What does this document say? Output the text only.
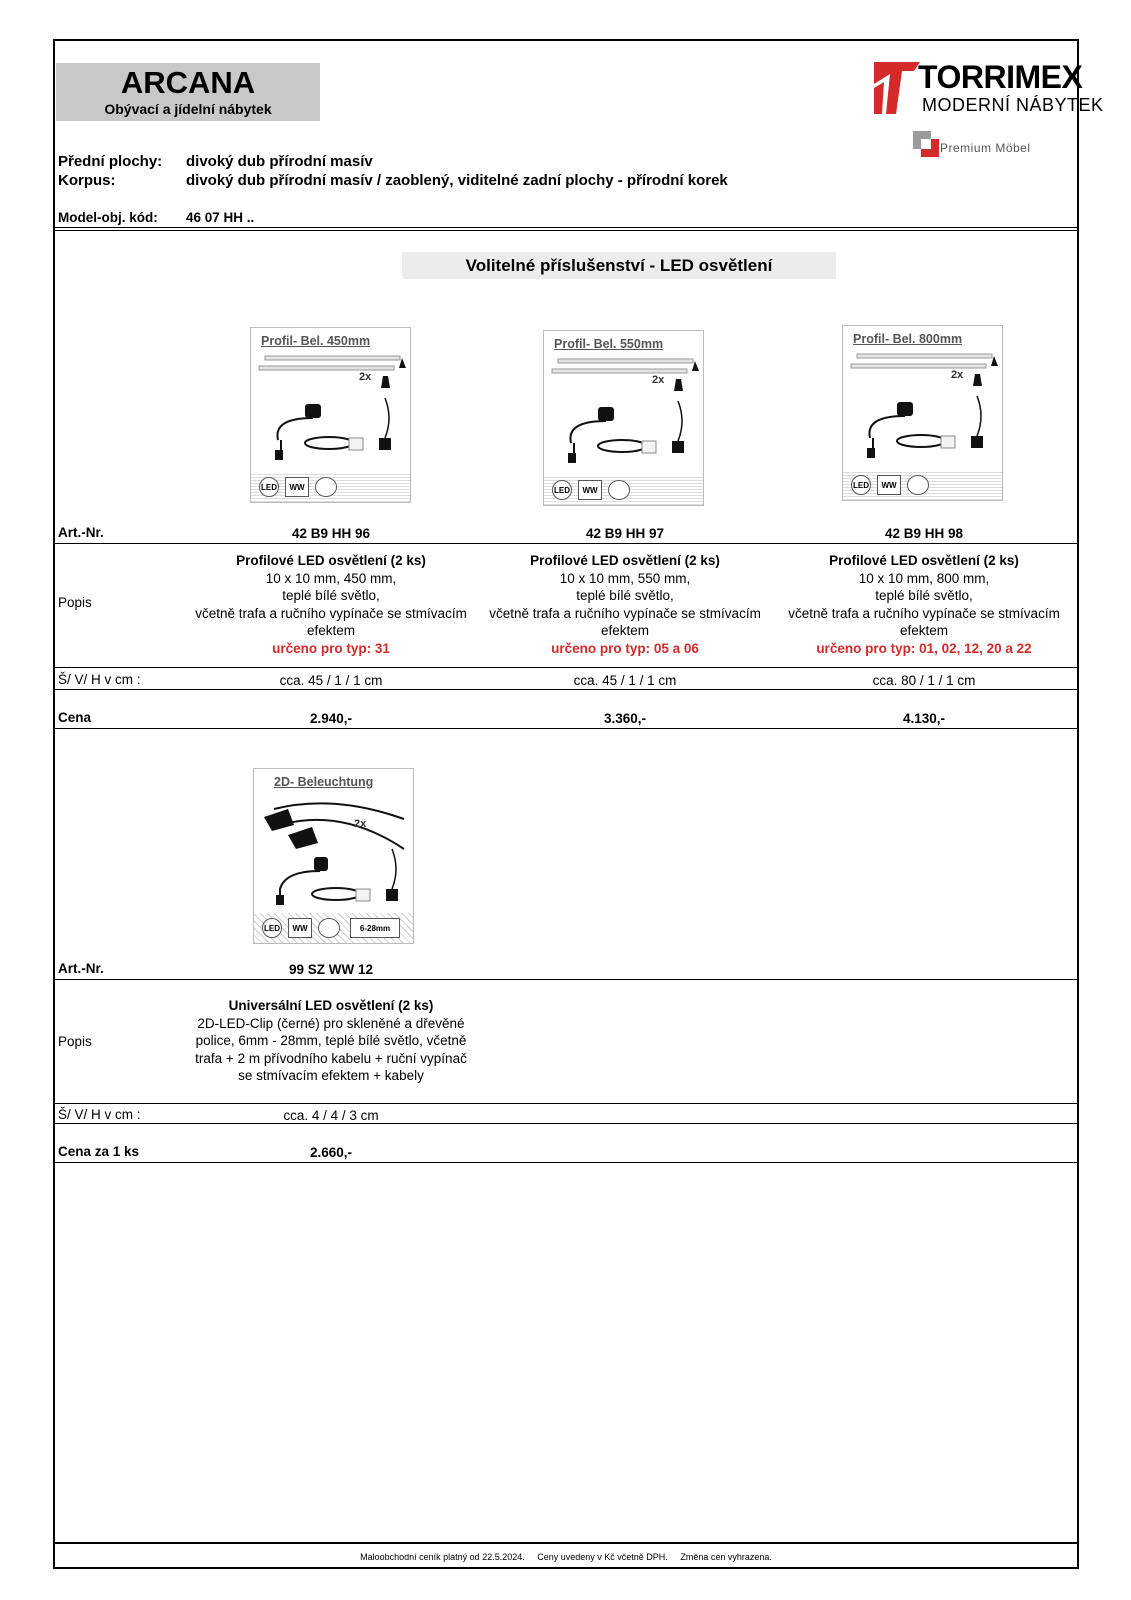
ARCANA
Obývací a jídelní nábytek
TORRIMEX
MODERNÍ NÁBYTEK
Premium Möbel
Přední plochy: divoký dub přírodní masív
Korpus:	divoký dub přírodní masív / zaoblený, viditelné zadní plochy - přírodní korek
Model-obj. kód: 46 07 HH ..
Volitelné příslušenství - LED osvětlení
Profil- Bel. 450mm
2x
LED	WW
Profil- Bel. 550mm
2x
LED	WW
Profil- Bel. 800mm
2x
LED	WW
Art.-Nr.	42 B9 HH 96	42 B9 HH 97	42 B9 HH 98
Popis
Profilové LED osvětlení (2 ks)
10 x 10 mm, 450 mm,
teplé bílé světlo,
včetně trafa a ručního vypínače se stmívacím
efektem
určeno pro typ: 31
Profilové LED osvětlení (2 ks)
10 x 10 mm, 550 mm,
teplé bílé světlo,
včetně trafa a ručního vypínače se stmívacím
efektem
určeno pro typ: 05 a 06
Profilové LED osvětlení (2 ks)
10 x 10 mm, 800 mm,
teplé bílé světlo,
včetně trafa a ručního vypínače se stmívacím
efektem
určeno pro typ: 01, 02, 12, 20 a 22
Š/ V/ H v cm :	cca. 45 / 1 / 1 cm	cca. 45 / 1 / 1 cm	cca. 80 / 1 / 1 cm
Cena	2.940,-	3.360,-	4.130,-
2D- Beleuchtung
2x
LED	WW	6-28mm
Art.-Nr.	99 SZ WW 12
Popis
Universální LED osvětlení (2 ks)
2D-LED-Clip (černé) pro skleněné a dřevěné
police, 6mm - 28mm, teplé bílé světlo, včetně
trafa + 2 m přívodního kabelu + ruční vypínač
se stmívacím efektem + kabely
Š/ V/ H v cm :	cca. 4 / 4 / 3 cm
Cena za 1 ks	2.660,-
Maloobchodní ceník platný od 22.5.2024. Ceny uvedeny v Kč včetně DPH. Změna cen vyhrazena.
